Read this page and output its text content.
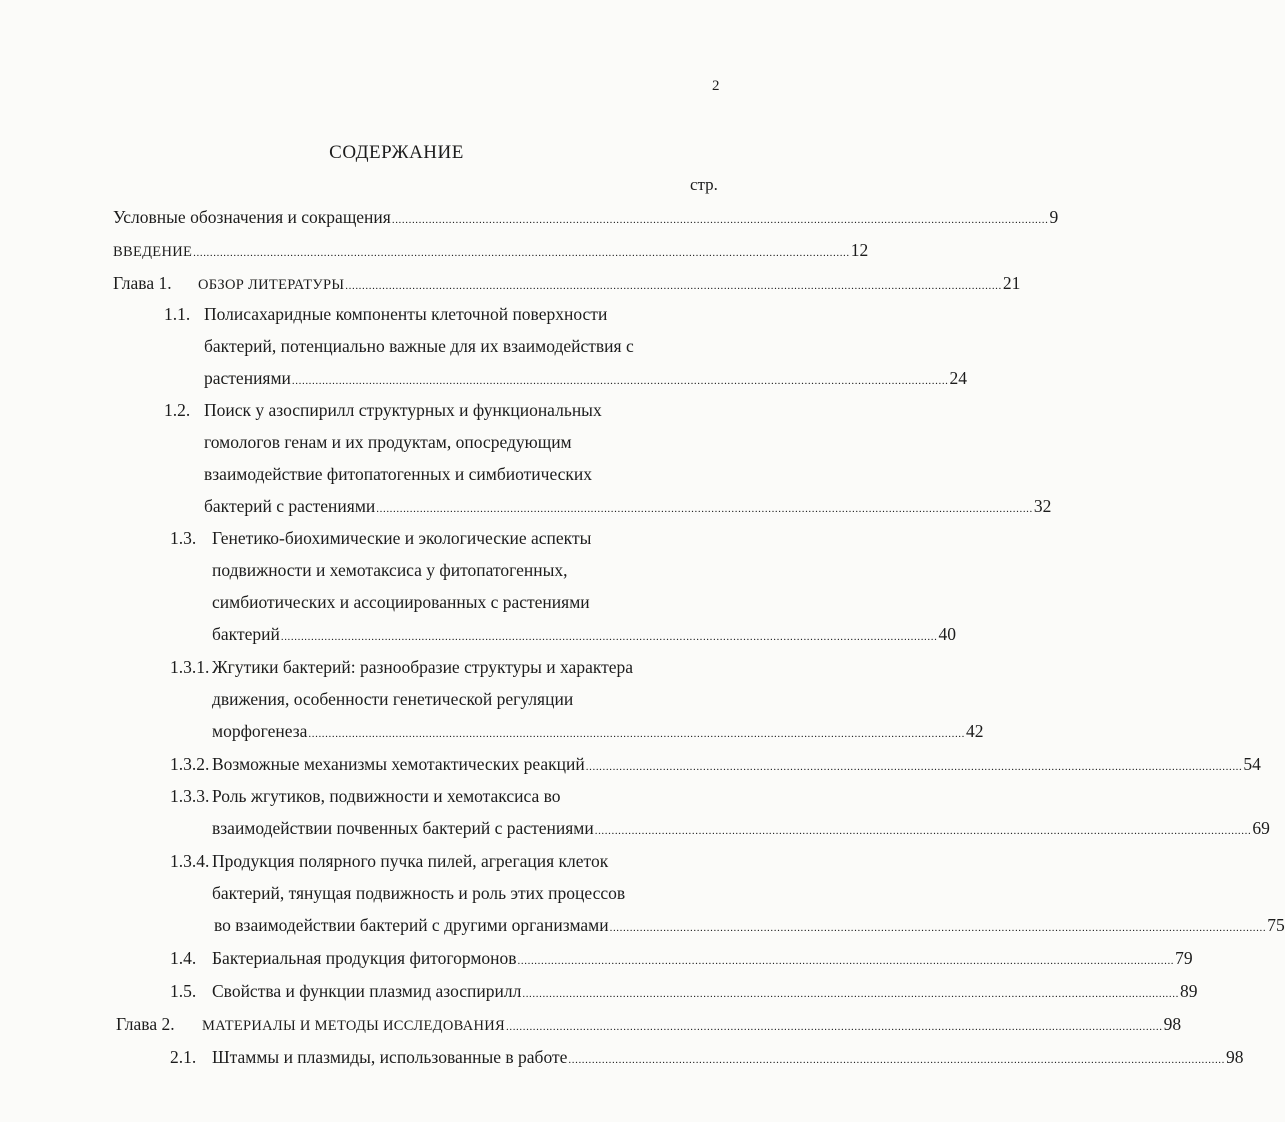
2
СОДЕРЖАНИЕ
стр.
Условные обозначения и сокращения .................................................................................................................................................................................................... 9
ВВЕДЕНИЕ .................................................................................................................................................................................................... 12
Глава 1. ОБЗОР ЛИТЕРАТУРЫ .................................................................................................................................................................................................... 21
1.1. Полисахаридные компоненты клеточной поверхности
бактерий, потенциально важные для их взаимодействия с
растениями .................................................................................................................................................................................................... 24
1.2. Поиск у азоспирилл структурных и функциональных
гомологов генам и их продуктам, опосредующим
взаимодействие фитопатогенных и симбиотических
бактерий с растениями .................................................................................................................................................................................................... 32
1.3. Генетико-биохимические и экологические аспекты
подвижности и хемотаксиса у фитопатогенных,
симбиотических и ассоциированных с растениями
бактерий .................................................................................................................................................................................................... 40
1.3.1. Жгутики бактерий: разнообразие структуры и характера
движения, особенности генетической регуляции
морфогенеза .................................................................................................................................................................................................... 42
1.3.2. Возможные механизмы хемотактических реакций .................................................................................................................................................................................................... 54
1.3.3. Роль жгутиков, подвижности и хемотаксиса во
взаимодействии почвенных бактерий с растениями .................................................................................................................................................................................................... 69
1.3.4. Продукция полярного пучка пилей, агрегация клеток
бактерий, тянущая подвижность и роль этих процессов
во взаимодействии бактерий с другими организмами .................................................................................................................................................................................................... 75
1.4. Бактериальная продукция фитогормонов .................................................................................................................................................................................................... 79
1.5. Свойства и функции плазмид азоспирилл .................................................................................................................................................................................................... 89
Глава 2. МАТЕРИАЛЫ И МЕТОДЫ ИССЛЕДОВАНИЯ .................................................................................................................................................................................................... 98
2.1. Штаммы и плазмиды, использованные в работе .................................................................................................................................................................................................... 98
